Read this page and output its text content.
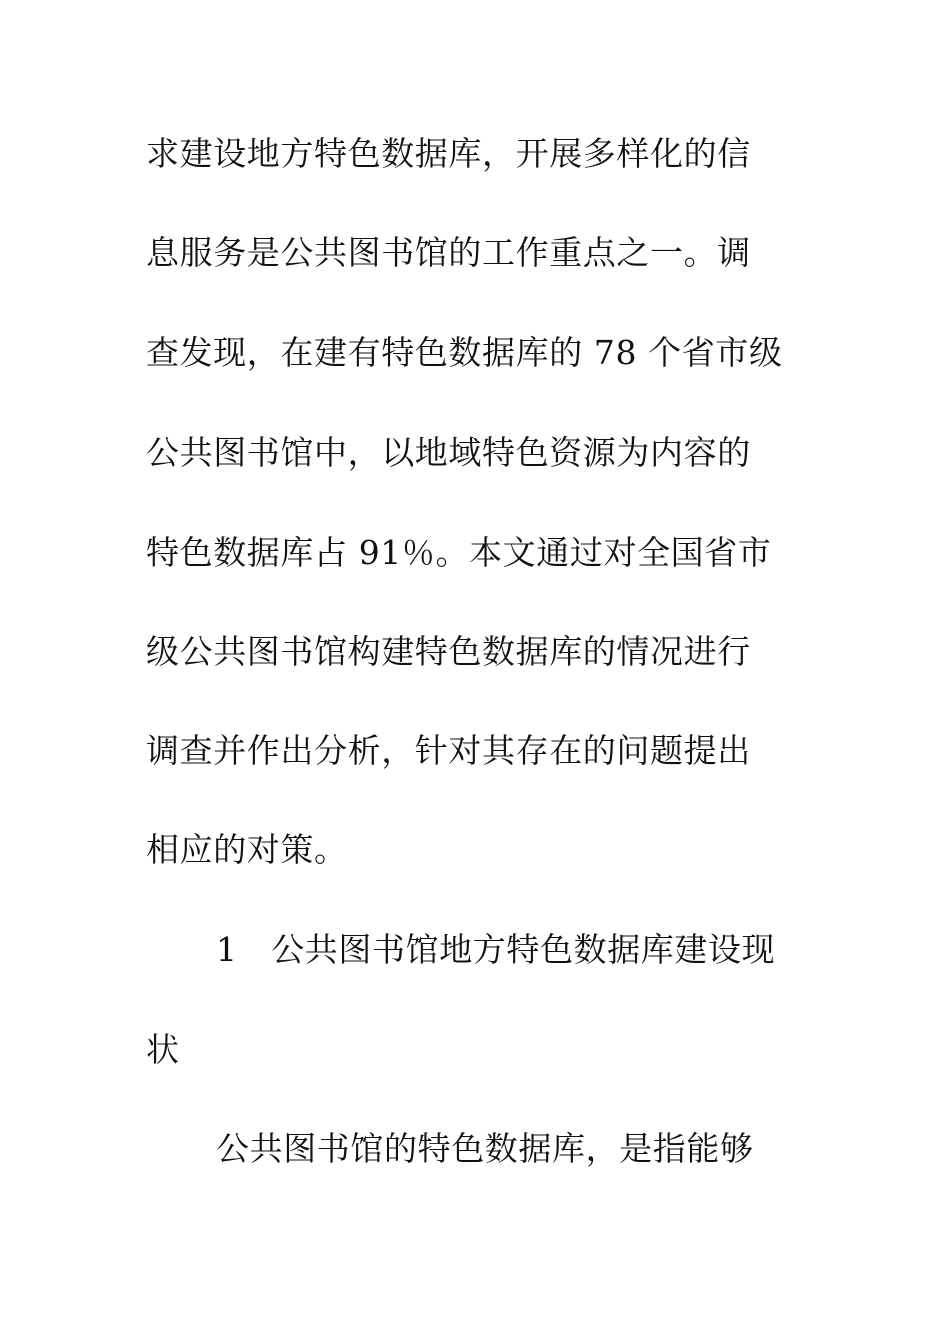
求建设地方特色数据库，开展多样化的信
息服务是公共图书馆的工作重点之一。调
查发现，在建有特色数据库的 78 个省市级
公共图书馆中，以地域特色资源为内容的
特色数据库占 91％。本文通过对全国省市
级公共图书馆构建特色数据库的情况进行
调查并作出分析，针对其存在的问题提出
相应的对策。
1　公共图书馆地方特色数据库建设现
状
公共图书馆的特色数据库，是指能够
